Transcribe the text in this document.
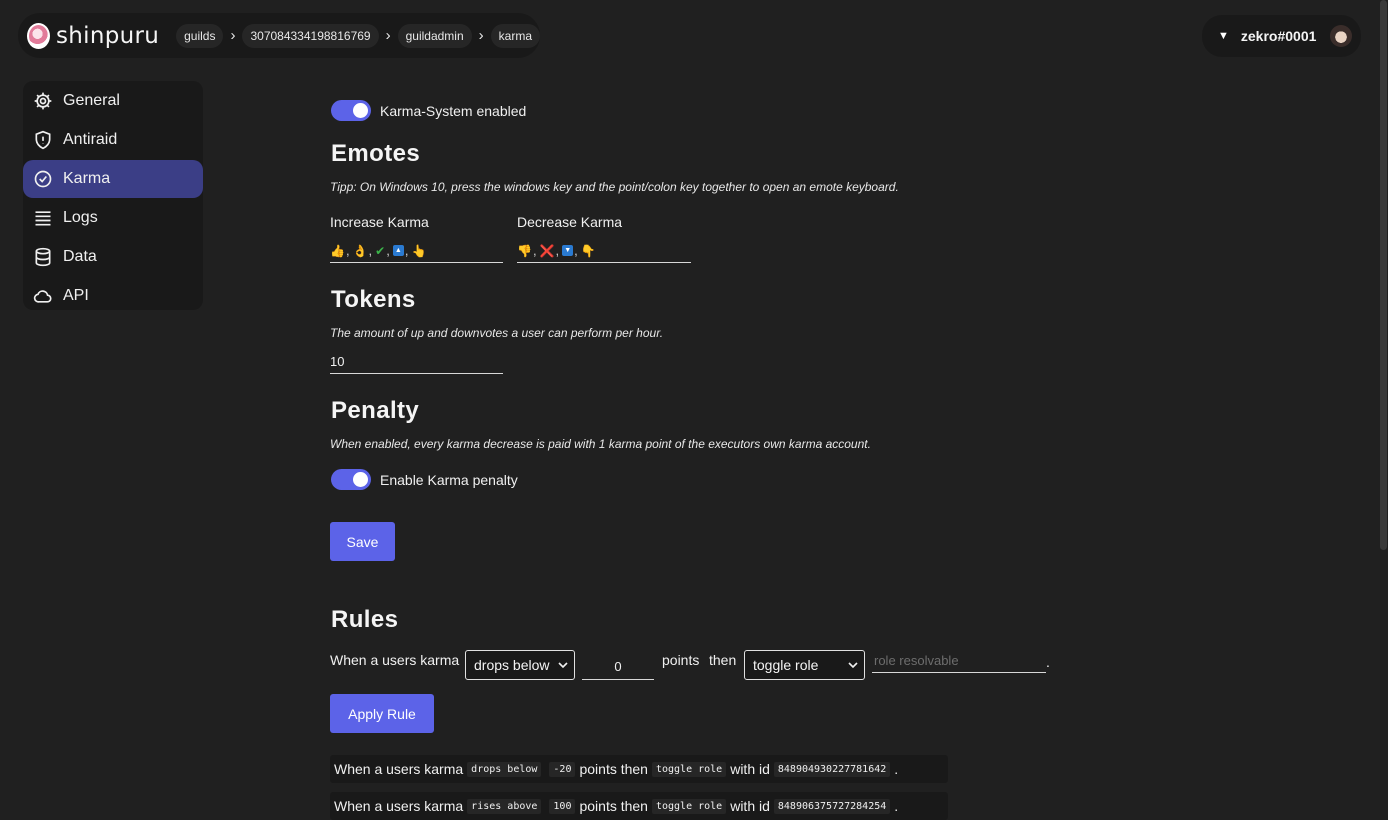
shinpuru	guilds	›	307084334198816769	›	guildadmin	›	karma	▼ zekro#0001
General
Antiraid
Karma
Logs
Data
API
Karma-System enabled
Emotes
Tipp: On Windows 10, press the windows key and the point/colon key together to open an emote keyboard.
Increase Karma	Decrease Karma
👍 , 👌 , ✔ , ▲ , 👆	👎 , ❌ , ▼ , 👇
Tokens
The amount of up and downvotes a user can perform per hour.
10
Penalty
When enabled, every karma decrease is paid with 1 karma point of the executors own karma account.
Enable Karma penalty
Save
Rules
When a users karma drops below	0	points then toggle role	role resolvable	.
Apply Rule
When a users karma drops below	-20 points then toggle role with id 848904930227781642 .
When a users karma rises above	100 points then toggle role with id 848906375727284254 .
